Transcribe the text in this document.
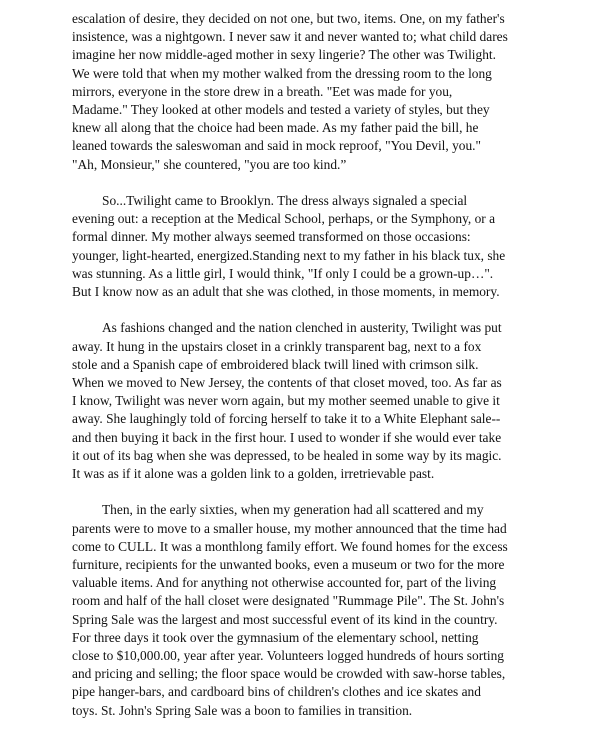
escalation of desire, they decided on not one, but two, items. One, on my father's insistence, was a nightgown. I never saw it and never wanted to; what child dares imagine her now middle-aged mother in sexy lingerie? The other was Twilight. We were told that when my mother walked from the dressing room to the long mirrors, everyone in the store drew in a breath. "Eet was made for you, Madame." They looked at other models and tested a variety of styles, but they knew all along that the choice had been made. As my father paid the bill, he leaned towards the saleswoman and said in mock reproof, "You Devil, you." "Ah, Monsieur," she countered, "you are too kind.”

So...Twilight came to Brooklyn. The dress always signaled a special evening out: a reception at the Medical School, perhaps, or the Symphony, or a formal dinner. My mother always seemed transformed on those occasions: younger, light-hearted, energized.Standing next to my father in his black tux, she was stunning. As a little girl, I would think, "If only I could be a grown-up…". But I know now as an adult that she was clothed, in those moments, in memory.

As fashions changed and the nation clenched in austerity, Twilight was put away. It hung in the upstairs closet in a crinkly transparent bag, next to a fox stole and a Spanish cape of embroidered black twill lined with crimson silk. When we moved to New Jersey, the contents of that closet moved, too. As far as I know, Twilight was never worn again, but my mother seemed unable to give it away. She laughingly told of forcing herself to take it to a White Elephant sale--and then buying it back in the first hour. I used to wonder if she would ever take it out of its bag when she was depressed, to be healed in some way by its magic. It was as if it alone was a golden link to a golden, irretrievable past.

Then, in the early sixties, when my generation had all scattered and my parents were to move to a smaller house, my mother announced that the time had come to CULL. It was a monthlong family effort. We found homes for the excess furniture, recipients for the unwanted books, even a museum or two for the more valuable items. And for anything not otherwise accounted for, part of the living room and half of the hall closet were designated "Rummage Pile". The St. John's Spring Sale was the largest and most successful event of its kind in the country. For three days it took over the gymnasium of the elementary school, netting close to $10,000.00, year after year. Volunteers logged hundreds of hours sorting and pricing and selling; the floor space would be crowded with saw-horse tables, pipe hanger-bars, and cardboard bins of children's clothes and ice skates and toys. St. John's Spring Sale was a boon to families in transition.
